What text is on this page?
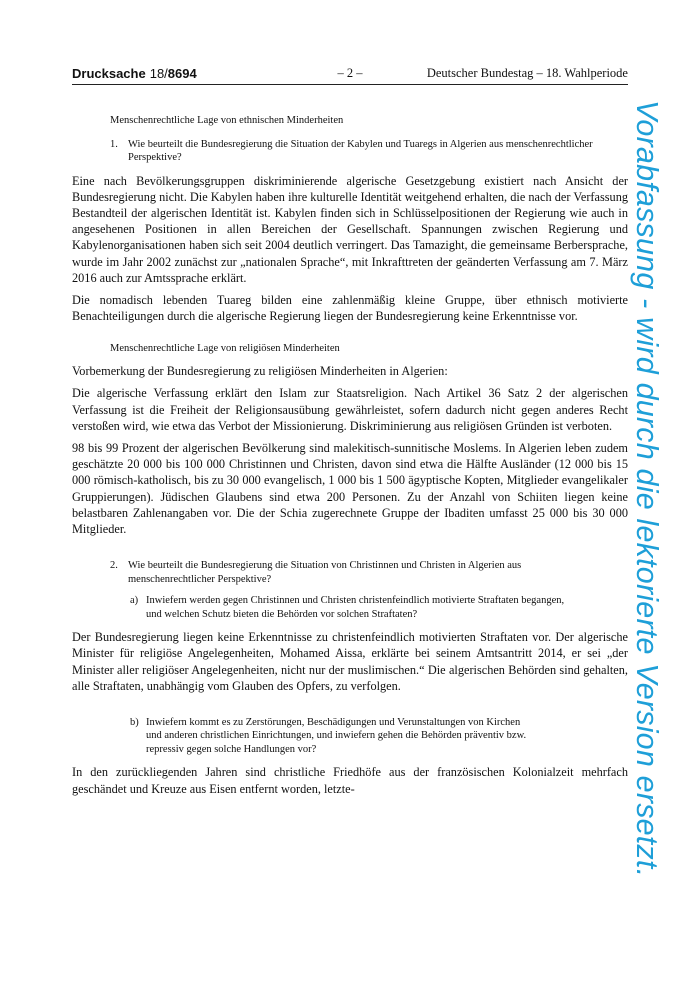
Drucksache 18/8694	– 2 –	Deutscher Bundestag – 18. Wahlperiode
Menschenrechtliche Lage von ethnischen Minderheiten
1. Wie beurteilt die Bundesregierung die Situation der Kabylen und Tuaregs in Algerien aus menschenrechtlicher Perspektive?

Eine nach Bevölkerungsgruppen diskriminierende algerische Gesetzgebung existiert nach Ansicht der Bundesregierung nicht. Die Kabylen haben ihre kulturelle Identität weitgehend erhalten, die nach der Verfassung Bestandteil der algerischen Identität ist. Kabylen finden sich in Schlüsselpositionen der Regierung wie auch in angesehenen Positionen in allen Bereichen der Gesellschaft. Spannungen zwischen Regierung und Kabylenorganisationen haben sich seit 2004 deutlich verringert. Das Tamazight, die gemeinsame Berbersprache, wurde im Jahr 2002 zunächst zur „nationalen Sprache“, mit Inkrafttreten der geänderten Verfassung am 7. März 2016 auch zur Amtssprache erklärt.

Die nomadisch lebenden Tuareg bilden eine zahlenmäßig kleine Gruppe, über ethnisch motivierte Benachteiligungen durch die algerische Regierung liegen der Bundesregierung keine Erkenntnisse vor.

Menschenrechtliche Lage von religiösen Minderheiten

Vorbemerkung der Bundesregierung zu religiösen Minderheiten in Algerien:

Die algerische Verfassung erklärt den Islam zur Staatsreligion. Nach Artikel 36 Satz 2 der algerischen Verfassung ist die Freiheit der Religionsausübung gewährleistet, sofern dadurch nicht gegen anderes Recht verstoßen wird, wie etwa das Verbot der Missionierung. Diskriminierung aus religiösen Gründen ist verboten.

98 bis 99 Prozent der algerischen Bevölkerung sind malekitisch-sunnitische Moslems. In Algerien leben zudem geschätzte 20 000 bis 100 000 Christinnen und Christen, davon sind etwa die Hälfte Ausländer (12 000 bis 15 000 römisch-katholisch, bis zu 30 000 evangelisch, 1 000 bis 1 500 ägyptische Kopten, Mitglieder evangelikaler Gruppierungen). Jüdischen Glaubens sind etwa 200 Personen. Zu der Anzahl von Schiiten liegen keine belastbaren Zahlenangaben vor. Die der Schia zugerechnete Gruppe der Ibaditen umfasst 25 000 bis 30 000 Mitglieder.

2. Wie beurteilt die Bundesregierung die Situation von Christinnen und Christen in Algerien aus menschenrechtlicher Perspektive?
a) Inwiefern werden gegen Christinnen und Christen christenfeindlich motivierte Straftaten begangen, und welchen Schutz bieten die Behörden vor solchen Straftaten?

Der Bundesregierung liegen keine Erkenntnisse zu christenfeindlich motivierten Straftaten vor. Der algerische Minister für religiöse Angelegenheiten, Mohamed Aissa, erklärte bei seinem Amtsantritt 2014, er sei „der Minister aller religiöser Angelegenheiten, nicht nur der muslimischen.“ Die algerischen Behörden sind gehalten, alle Straftaten, unabhängig vom Glauben des Opfers, zu verfolgen.

b) Inwiefern kommt es zu Zerstörungen, Beschädigungen und Verunstaltungen von Kirchen und anderen christlichen Einrichtungen, und inwiefern gehen die Behörden präventiv bzw. repressiv gegen solche Handlungen vor?

In den zurückliegenden Jahren sind christliche Friedhöfe aus der französischen Kolonialzeit mehrfach geschändet und Kreuze aus Eisen entfernt worden, letzte-	Vorabfassung - wird durch die lektorierte Version ersetzt.
